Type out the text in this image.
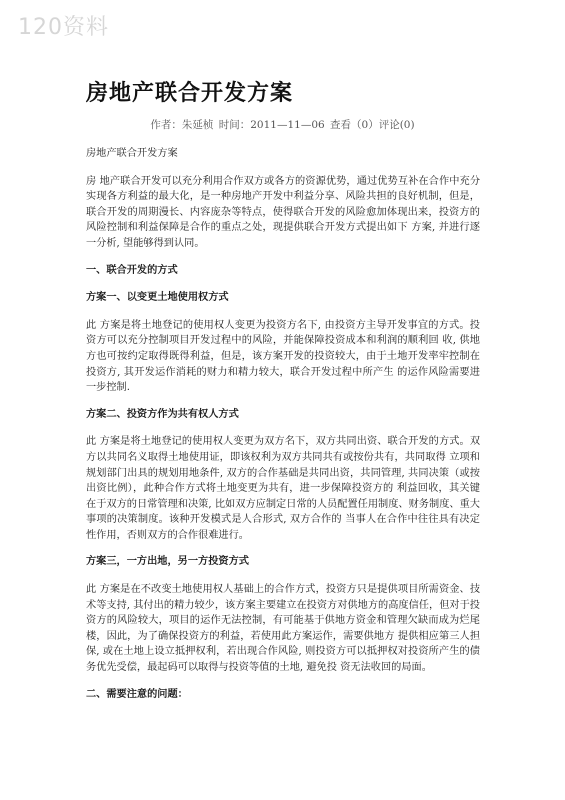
120资料
房地产联合开发方案
作者：朱延桢 时间：2011—11—06 查看（0）评论(0)

房地产联合开发方案

房 地产联合开发可以充分利用合作双方或各方的资源优势，通过优势互补在合作中充分实现各方利益的最大化，是一种房地产开发中利益分享、风险共担的良好机制，但是，联合开发的周期漫长、内容庞杂等特点，使得联合开发的风险愈加体现出来，投资方的风险控制和利益保障是合作的重点之处，现提供联合开发方式提出如下 方案, 并进行逐一分析, 望能够得到认同。

一、联合开发的方式

方案一、以变更土地使用权方式

此 方案是将土地登记的使用权人变更为投资方名下, 由投资方主导开发事宜的方式。投资方可以充分控制项目开发过程中的风险，并能保障投资成本和利润的顺利回 收, 供地方也可按约定取得既得利益，但是，该方案开发的投资较大，由于土地开发率牢控制在投资方, 其开发运作消耗的财力和精力较大，联合开发过程中所产生 的运作风险需要进一步控制.

方案二、投资方作为共有权人方式

此 方案是将土地登记的使用权人变更为双方名下，双方共同出资、联合开发的方式。双方以共同名义取得土地使用证，即该权利为双方共同共有或按份共有，共同取得 立项和规划部门出具的规划用地条件, 双方的合作基础是共同出资，共同管理, 共同决策（或按出资比例），此种合作方式将土地变更为共有，进一步保障投资方的 利益回收，其关键在于双方的日常管理和决策, 比如双方应制定日常的人员配置任用制度、财务制度、重大事项的决策制度。该种开发模式是人合形式, 双方合作的 当事人在合作中往往具有决定性作用，否则双方的合作很难进行。

方案三，一方出地，另一方投资方式

此 方案是在不改变土地使用权人基础上的合作方式，投资方只是提供项目所需资金、技术等支持, 其付出的精力较少，该方案主要建立在投资方对供地方的高度信任，但对于投资方的风险较大，项目的运作无法控制，有可能基于供地方资金和管理欠缺而成为烂尾楼，因此，为了确保投资方的利益，若使用此方案运作，需要供地方 提供相应第三人担保, 或在土地上设立抵押权利，若出现合作风险, 则投资方可以抵押权对投资所产生的债务优先受偿，最起码可以取得与投资等值的土地, 避免投 资无法收回的局面。

二、需要注意的问题：
